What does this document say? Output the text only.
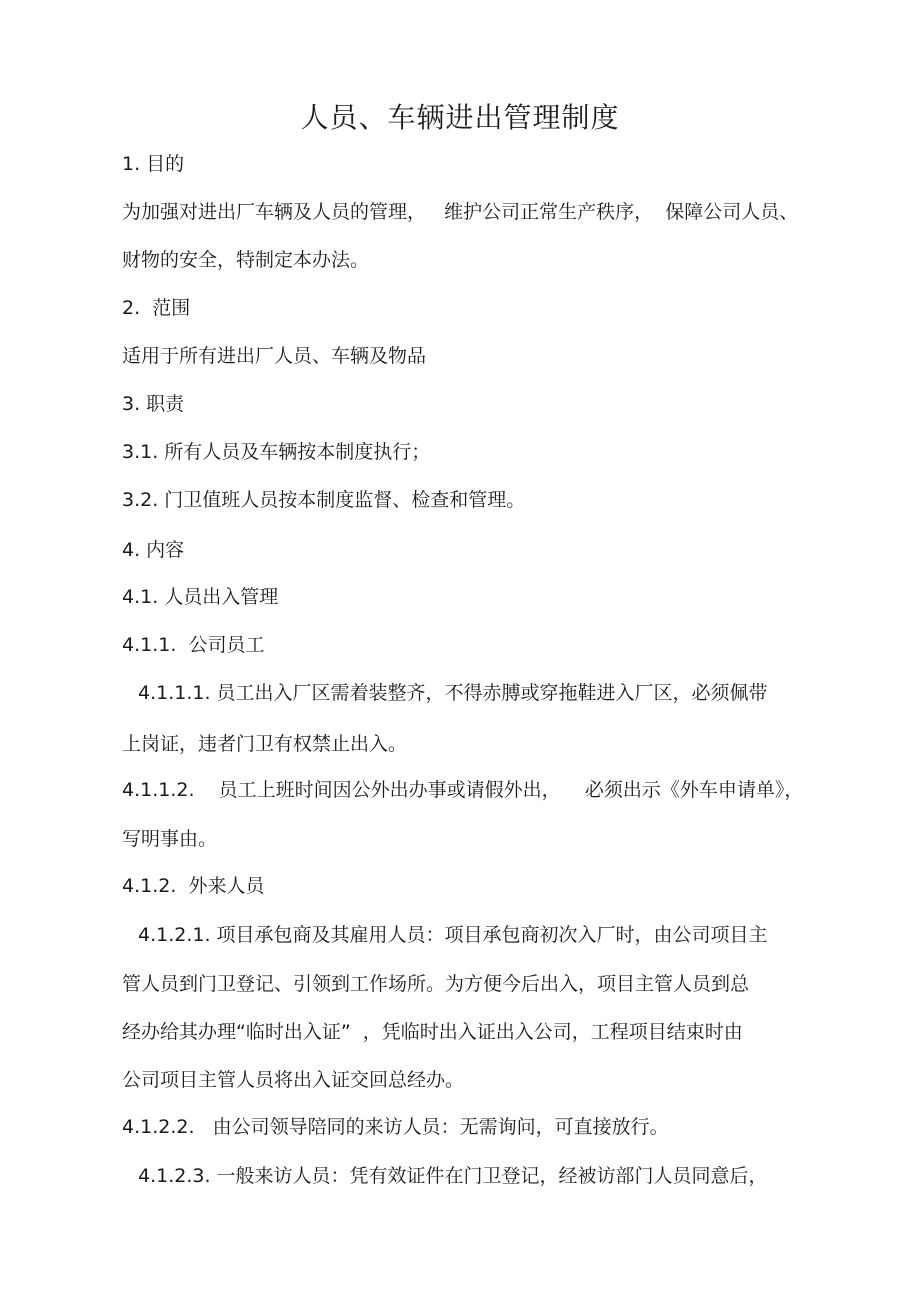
人员、车辆进出管理制度
1. 目的
为加强对进出厂车辆及人员的管理，   维护公司正常生产秩序，  保障公司人员、
财物的安全，特制定本办法。
2.  范围
适用于所有进出厂人员、车辆及物品
3. 职责
3.1. 所有人员及车辆按本制度执行；
3.2. 门卫值班人员按本制度监督、检查和管理。
4. 内容
4.1. 人员出入管理
4.1.1.  公司员工
4.1.1.1. 员工出入厂区需着装整齐，不得赤膊或穿拖鞋进入厂区，必须佩带
上岗证，违者门卫有权禁止出入。
4.1.1.2.    员工上班时间因公外出办事或请假外出，    必须出示《外车申请单》，
写明事由。
4.1.2.  外来人员
4.1.2.1. 项目承包商及其雇用人员：项目承包商初次入厂时，由公司项目主
管人员到门卫登记、引领到工作场所。为方便今后出入，项目主管人员到总
经办给其办理“临时出入证”  ，凭临时出入证出入公司，工程项目结束时由
公司项目主管人员将出入证交回总经办。
4.1.2.2.   由公司领导陪同的来访人员：无需询问，可直接放行。
4.1.2.3. 一般来访人员：凭有效证件在门卫登记，经被访部门人员同意后，
